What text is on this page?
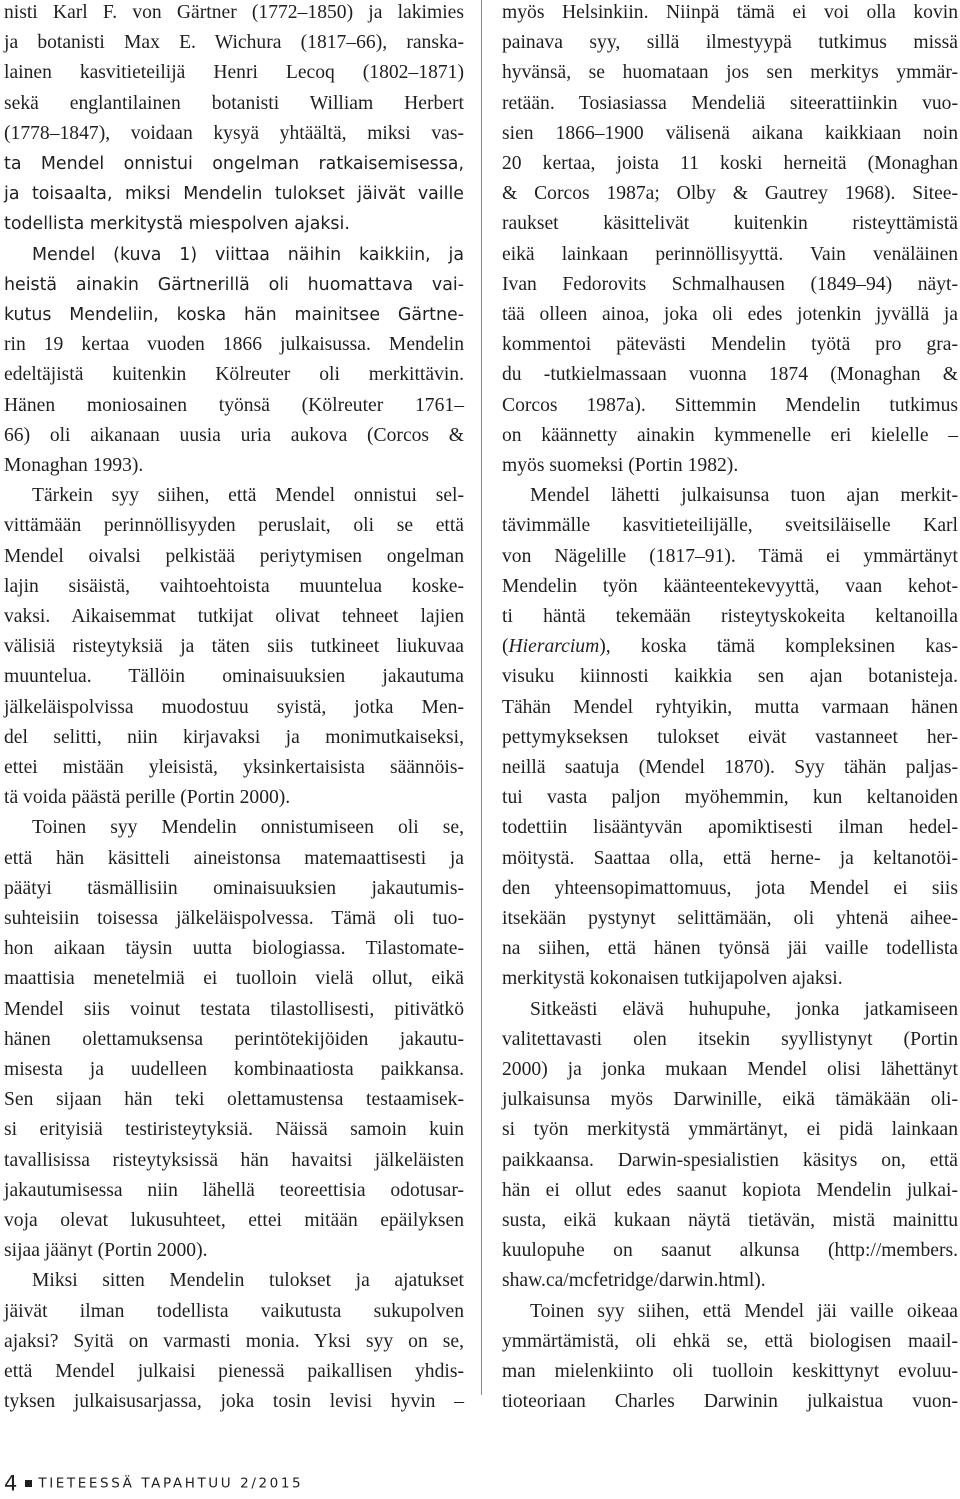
nisti Karl F. von Gärtner (1772–1850) ja lakimies
ja botanisti Max E. Wichura (1817–66), ranska-
lainen kasvitieteilijä Henri Lecoq (1802–1871)
sekä englantilainen botanisti William Herbert
(1778–1847), voidaan kysyä yhtäältä, miksi vas-
ta Mendel onnistui ongelman ratkaisemisessa,
ja toisaalta, miksi Mendelin tulokset jäivät vaille
todellista merkitystä miespolven ajaksi.
Mendel (kuva 1) viittaa näihin kaikkiin, ja
heistä ainakin Gärtnerillä oli huomattava vai-
kutus Mendeliin, koska hän mainitsee Gärtne-
rin 19 kertaa vuoden 1866 julkaisussa. Mendelin
edeltäjistä kuitenkin Kölreuter oli merkittävin.
Hänen moniosainen työnsä (Kölreuter 1761–
66) oli aikanaan uusia uria aukova (Corcos &
Monaghan 1993).
Tärkein syy siihen, että Mendel onnistui sel-
vittämään perinnöllisyyden peruslait, oli se että
Mendel oivalsi pelkistää periytymisen ongelman
lajin sisäistä, vaihtoehtoista muuntelua koske-
vaksi. Aikaisemmat tutkijat olivat tehneet lajien
välisiä risteytyksiä ja täten siis tutkineet liukuvaa
muuntelua. Tällöin ominaisuuksien jakautuma
jälkeläispolvissa muodostuu syistä, jotka Men-
del selitti, niin kirjavaksi ja monimutkaiseksi,
ettei mistään yleisistä, yksinkertaisista säännöis-
tä voida päästä perille (Portin 2000).
Toinen syy Mendelin onnistumiseen oli se,
että hän käsitteli aineistonsa matemaattisesti ja
päätyi täsmällisiin ominaisuuksien jakautumis-
suhteisiin toisessa jälkeläispolvessa. Tämä oli tuo-
hon aikaan täysin uutta biologiassa. Tilastomate-
maattisia menetelmiä ei tuolloin vielä ollut, eikä
Mendel siis voinut testata tilastollisesti, pitivätkö
hänen olettamuksensa perintötekijöiden jakautu-
misesta ja uudelleen kombinaatiosta paikkansa.
Sen sijaan hän teki olettamustensa testaamisek-
si erityisiä testiristeytyksiä. Näissä samoin kuin
tavallisissa risteytyksissä hän havaitsi jälkeläisten
jakautumisessa niin lähellä teoreettisia odotusar-
voja olevat lukusuhteet, ettei mitään epäilyksen
sijaa jäänyt (Portin 2000).
Miksi sitten Mendelin tulokset ja ajatukset
jäivät ilman todellista vaikutusta sukupolven
ajaksi? Syitä on varmasti monia. Yksi syy on se,
että Mendel julkaisi pienessä paikallisen yhdis-
tyksen julkaisusarjassa, joka tosin levisi hyvin –
myös Helsinkiin. Niinpä tämä ei voi olla kovin
painava syy, sillä ilmestyypä tutkimus missä
hyvänsä, se huomataan jos sen merkitys ymmär-
retään. Tosiasiassa Mendeliä siteerattiinkin vuo-
sien 1866–1900 välisenä aikana kaikkiaan noin
20 kertaa, joista 11 koski herneitä (Monaghan
& Corcos 1987a; Olby & Gautrey 1968). Sitee-
raukset käsittelivät kuitenkin risteyttämistä
eikä lainkaan perinnöllisyyttä. Vain venäläinen
Ivan Fedorovits Schmalhausen (1849–94) näyt-
tää olleen ainoa, joka oli edes jotenkin jyvällä ja
kommentoi pätevästi Mendelin työtä pro gra-
du -tutkielmassaan vuonna 1874 (Monaghan &
Corcos 1987a). Sittemmin Mendelin tutkimus
on käännetty ainakin kymmenelle eri kielelle –
myös suomeksi (Portin 1982).
Mendel lähetti julkaisunsa tuon ajan merkit-
tävimmälle kasvitieteilijälle, sveitsiläiselle Karl
von Nägelille (1817–91). Tämä ei ymmärtänyt
Mendelin työn käänteentekevyyttä, vaan kehot-
ti häntä tekemään risteytyskokeita keltanoilla
(Hierarcium), koska tämä kompleksinen kas-
visuku kiinnosti kaikkia sen ajan botanisteja.
Tähän Mendel ryhtyikin, mutta varmaan hänen
pettymykseksen tulokset eivät vastanneet her-
neillä saatuja (Mendel 1870). Syy tähän paljas-
tui vasta paljon myöhemmin, kun keltanoiden
todettiin lisääntyvän apomiktisesti ilman hedel-
möitystä. Saattaa olla, että herne- ja keltanotöi-
den yhteensopimattomuus, jota Mendel ei siis
itsekään pystynyt selittämään, oli yhtenä aihee-
na siihen, että hänen työnsä jäi vaille todellista
merkitystä kokonaisen tutkijapolven ajaksi.
Sitkeästi elävä huhupuhe, jonka jatkamiseen
valitettavasti olen itsekin syyllistynyt (Portin
2000) ja jonka mukaan Mendel olisi lähettänyt
julkaisunsa myös Darwinille, eikä tämäkään oli-
si työn merkitystä ymmärtänyt, ei pidä lainkaan
paikkaansa. Darwin-spesialistien käsitys on, että
hän ei ollut edes saanut kopiota Mendelin julkai-
susta, eikä kukaan näytä tietävän, mistä mainittu
kuulopuhe on saanut alkunsa (http://members.
shaw.ca/mcfetridge/darwin.html).
Toinen syy siihen, että Mendel jäi vaille oikeaa
ymmärtämistä, oli ehkä se, että biologisen maail-
man mielenkiinto oli tuolloin keskittynyt evoluu-
tioteoriaan Charles Darwinin julkaistua vuon-
4 TIETEESSÄ TAPAHTUU 2/2015
